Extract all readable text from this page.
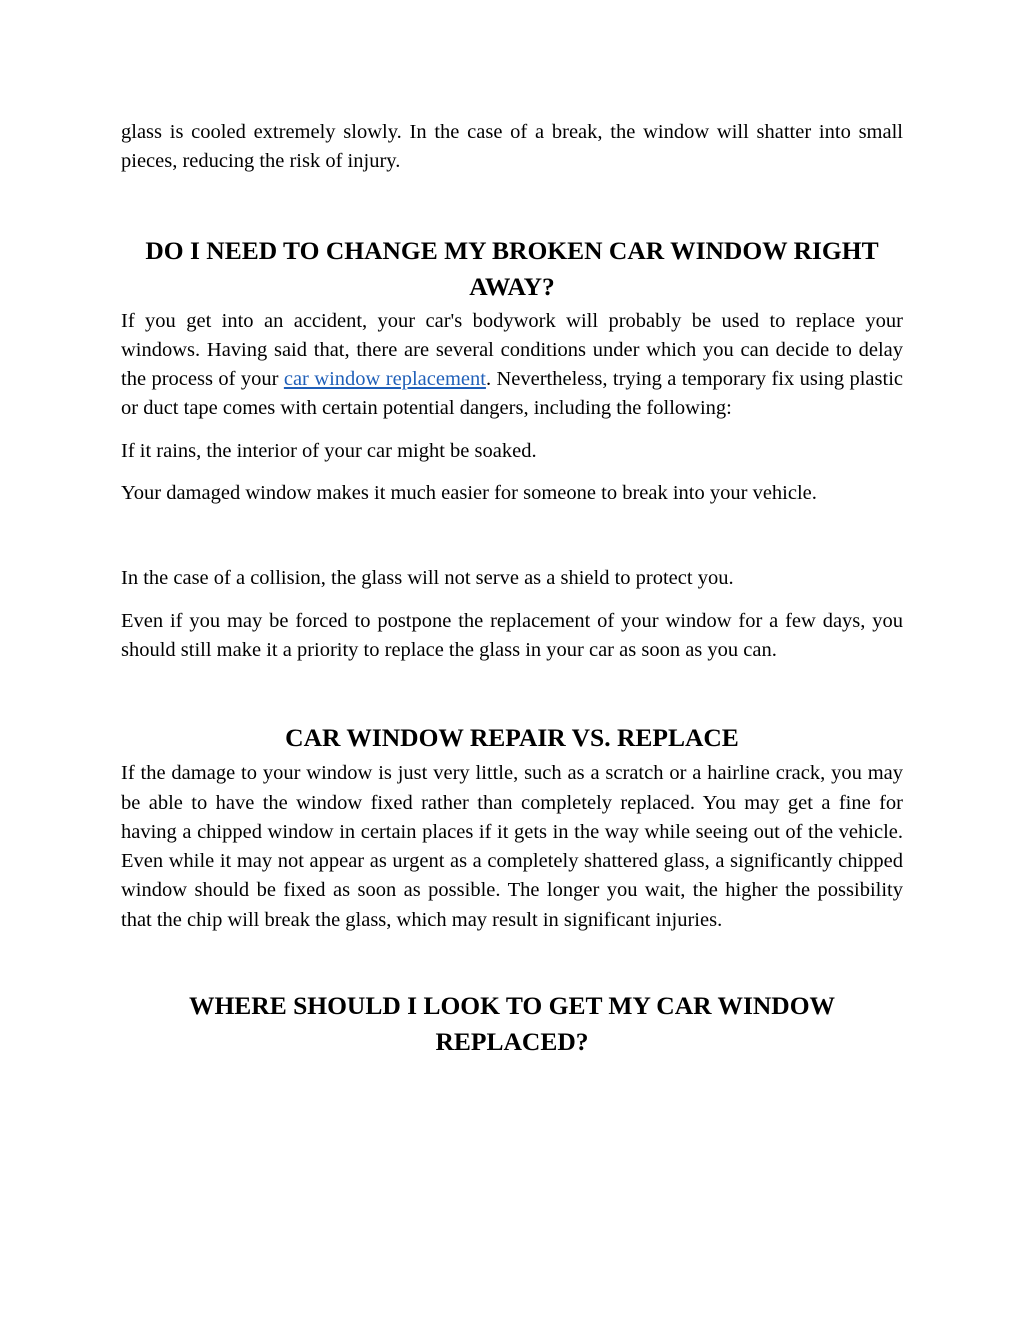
glass is cooled extremely slowly. In the case of a break, the window will shatter into small pieces, reducing the risk of injury.

DO I NEED TO CHANGE MY BROKEN CAR WINDOW RIGHT AWAY?

If you get into an accident, your car's bodywork will probably be used to replace your windows. Having said that, there are several conditions under which you can decide to delay the process of your car window replacement. Nevertheless, trying a temporary fix using plastic or duct tape comes with certain potential dangers, including the following:

If it rains, the interior of your car might be soaked.

Your damaged window makes it much easier for someone to break into your vehicle.

In the case of a collision, the glass will not serve as a shield to protect you.

Even if you may be forced to postpone the replacement of your window for a few days, you should still make it a priority to replace the glass in your car as soon as you can.

CAR WINDOW REPAIR VS. REPLACE

If the damage to your window is just very little, such as a scratch or a hairline crack, you may be able to have the window fixed rather than completely replaced. You may get a fine for having a chipped window in certain places if it gets in the way while seeing out of the vehicle. Even while it may not appear as urgent as a completely shattered glass, a significantly chipped window should be fixed as soon as possible. The longer you wait, the higher the possibility that the chip will break the glass, which may result in significant injuries.

WHERE SHOULD I LOOK TO GET MY CAR WINDOW REPLACED?
